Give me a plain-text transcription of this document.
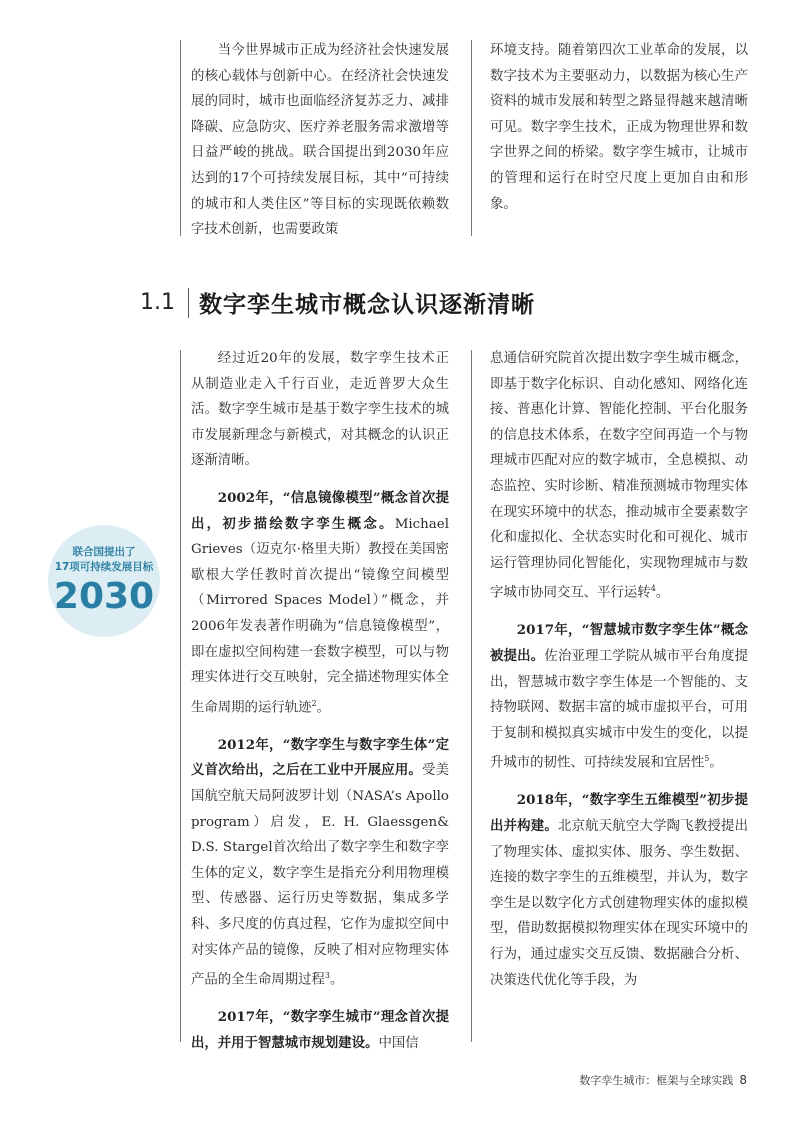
当今世界城市正成为经济社会快速发展的核心载体与创新中心。在经济社会快速发展的同时，城市也面临经济复苏乏力、减排降碳、应急防灾、医疗养老服务需求激增等日益严峻的挑战。联合国提出到2030年应达到的17个可持续发展目标，其中“可持续的城市和人类住区”等目标的实现既依赖数字技术创新，也需要政策

环境支持。随着第四次工业革命的发展，以数字技术为主要驱动力，以数据为核心生产资料的城市发展和转型之路显得越来越清晰可见。数字孪生技术，正成为物理世界和数字世界之间的桥梁。数字孪生城市，让城市的管理和运行在时空尺度上更加自由和形象。

1.1 数字孪生城市概念认识逐渐清晰
联合国提出了
17项可持续发展目标
2030

经过近20年的发展，数字孪生技术正从制造业走入千行百业，走近普罗大众生活。数字孪生城市是基于数字孪生技术的城市发展新理念与新模式，对其概念的认识正逐渐清晰。

2002年，“信息镜像模型”概念首次提出，初步描绘数字孪生概念。Michael Grieves（迈克尔·格里夫斯）教授在美国密歇根大学任教时首次提出“镜像空间模型（Mirrored Spaces Model）”概念，并2006年发表著作明确为“信息镜像模型”，即在虚拟空间构建一套数字模型，可以与物理实体进行交互映射，完全描述物理实体全生命周期的运行轨迹$^2$。

2012年，“数字孪生与数字孪生体”定义首次给出，之后在工业中开展应用。受美国航空航天局阿波罗计划（NASA’s Apollo program）启发，E. H. Glaessgen& D.S. Stargel首次给出了数字孪生和数字孪生体的定义，数字孪生是指充分利用物理模型、传感器、运行历史等数据，集成多学科、多尺度的仿真过程，它作为虚拟空间中对实体产品的镜像，反映了相对应物理实体产品的全生命周期过程$^3$。

2017年，“数字孪生城市”理念首次提出，并用于智慧城市规划建设。中国信

息通信研究院首次提出数字孪生城市概念，即基于数字化标识、自动化感知、网络化连接、普惠化计算、智能化控制、平台化服务的信息技术体系，在数字空间再造一个与物理城市匹配对应的数字城市，全息模拟、动态监控、实时诊断、精准预测城市物理实体在现实环境中的状态，推动城市全要素数字化和虚拟化、全状态实时化和可视化、城市运行管理协同化智能化，实现物理城市与数字城市协同交互、平行运转$^4$。

2017年，“智慧城市数字孪生体”概念被提出。佐治亚理工学院从城市平台角度提出，智慧城市数字孪生体是一个智能的、支持物联网、数据丰富的城市虚拟平台，可用于复制和模拟真实城市中发生的变化，以提升城市的韧性、可持续发展和宜居性$^5$。

2018年，“数字孪生五维模型”初步提出并构建。北京航天航空大学陶飞教授提出了物理实体、虚拟实体、服务、孪生数据、连接的数字孪生的五维模型，并认为，数字孪生是以数字化方式创建物理实体的虚拟模型，借助数据模拟物理实体在现实环境中的行为，通过虚实交互反馈、数据融合分析、决策迭代优化等手段，为

数字孪生城市：框架与全球实践 8
